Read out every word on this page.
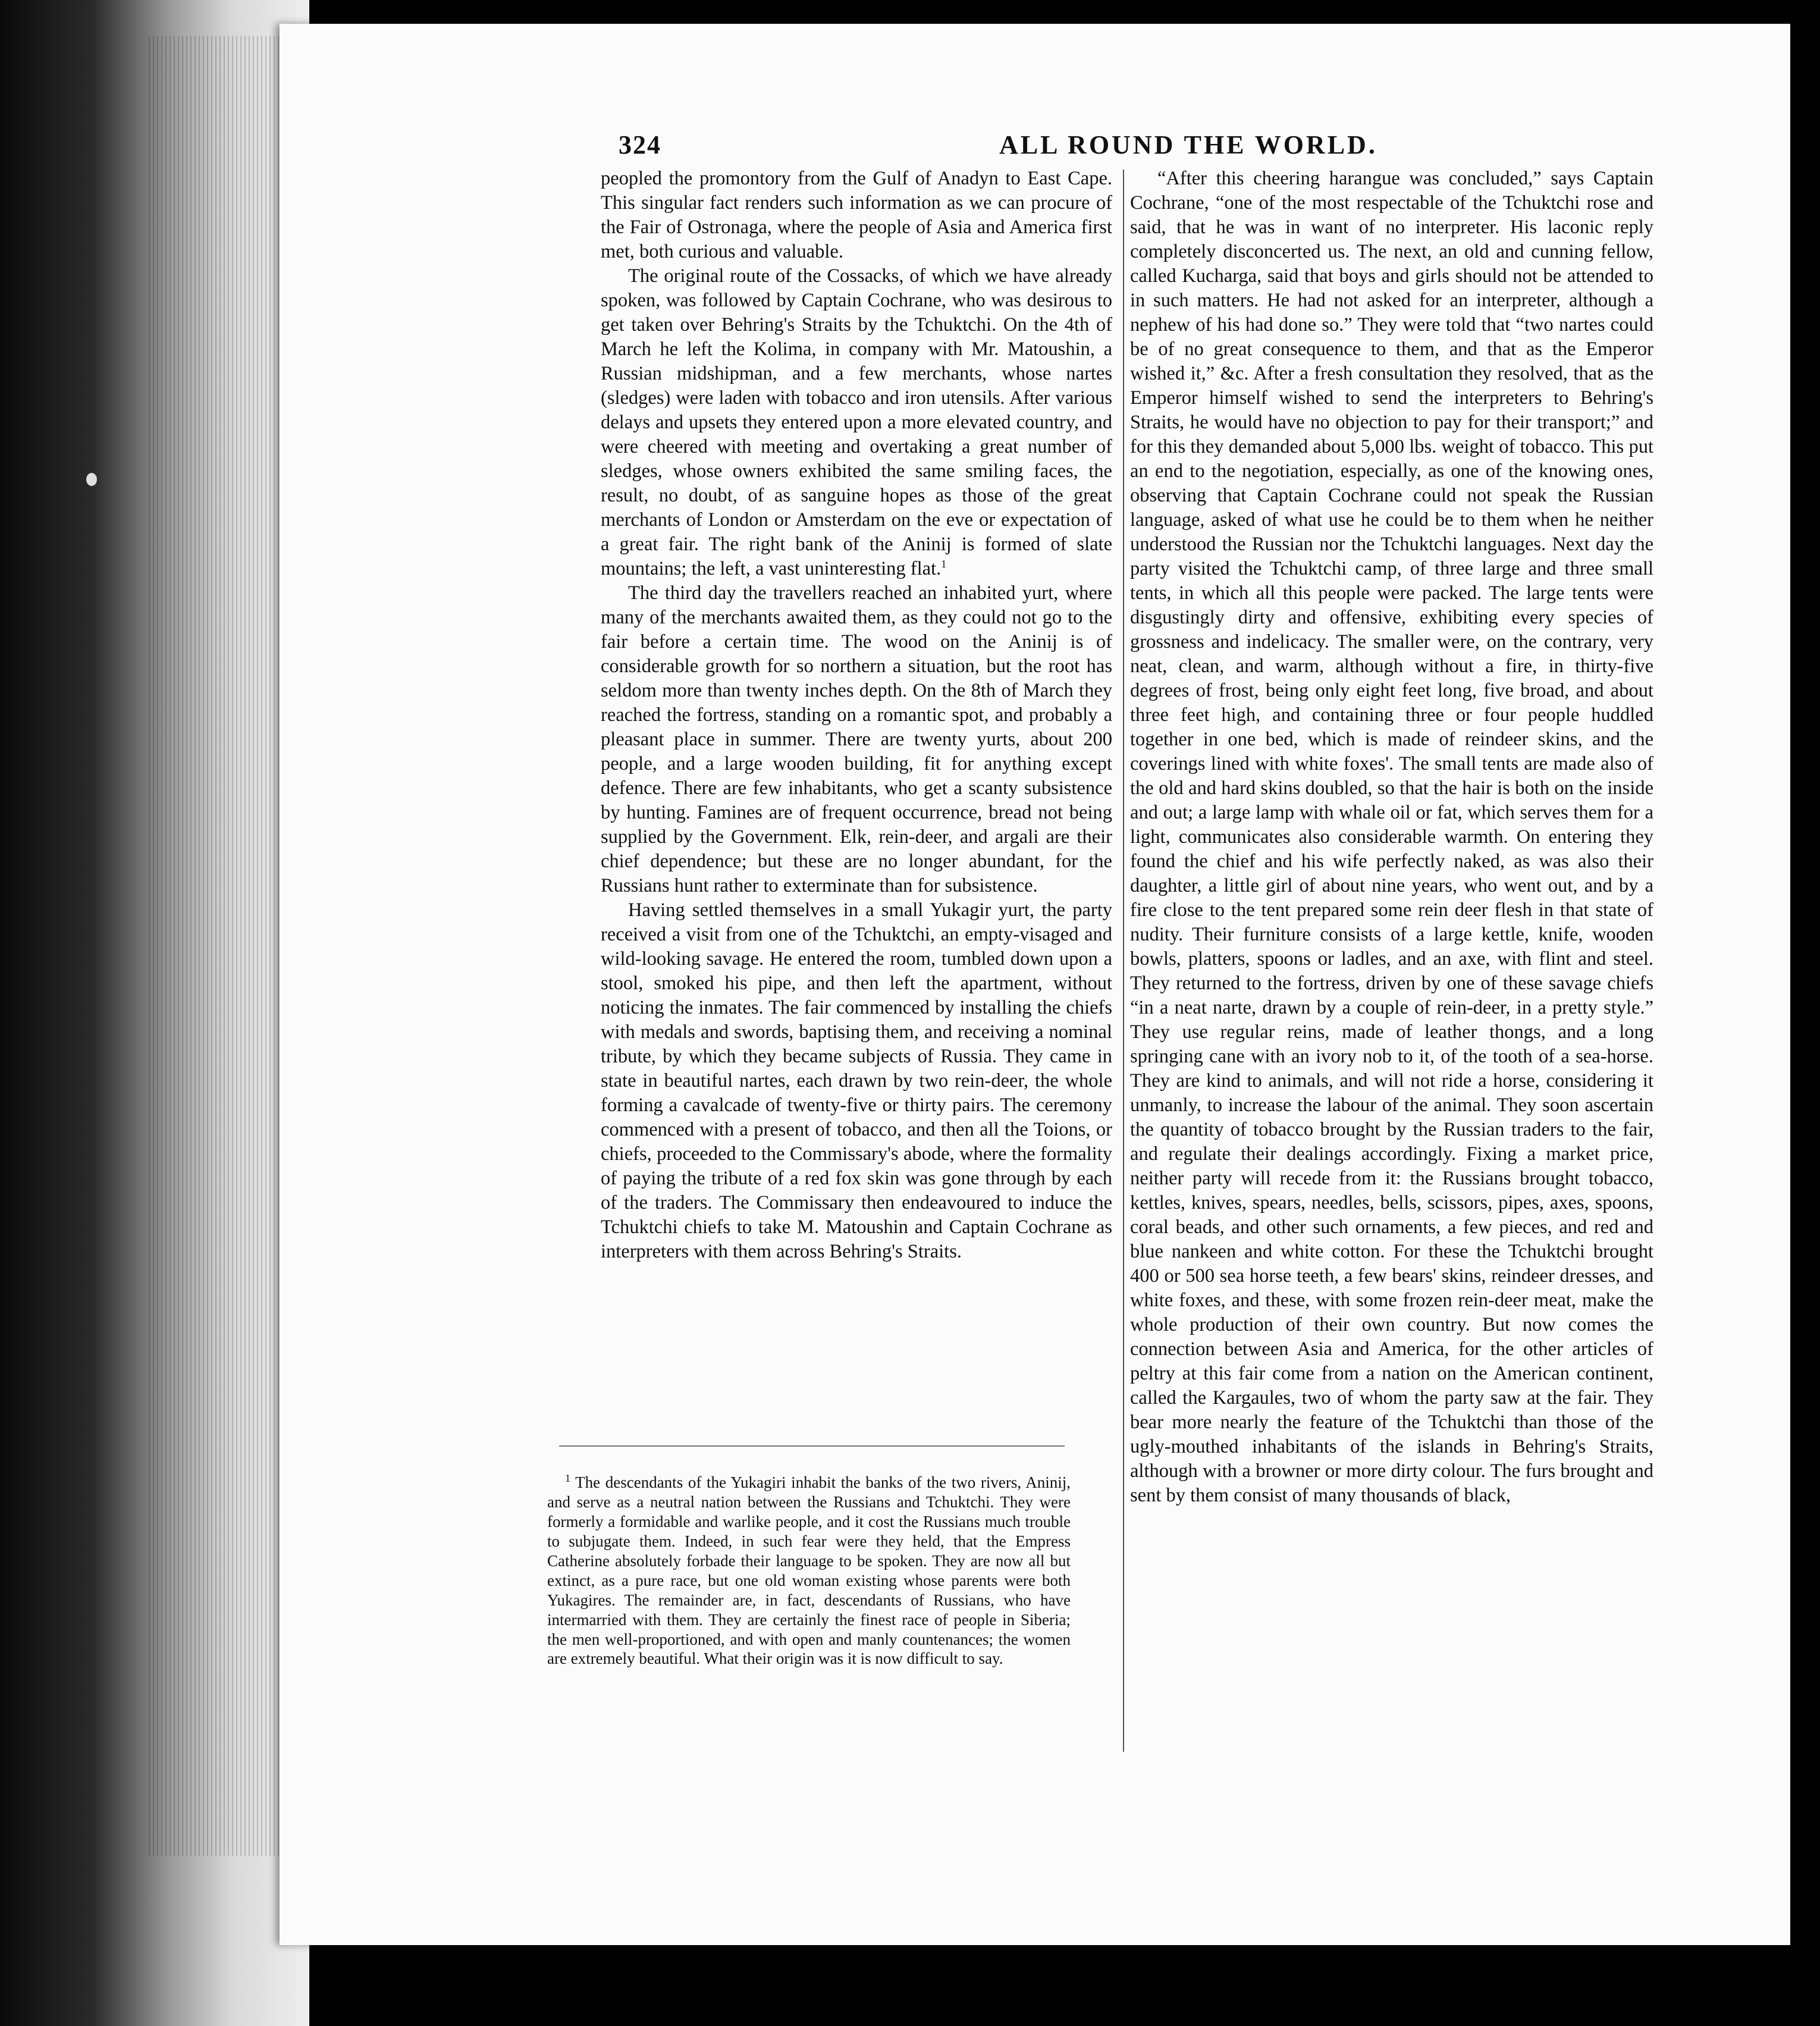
324	ALL ROUND THE WORLD.

peopled the promontory from the Gulf of Anadyn to East Cape. This singular fact renders such information as we can procure of the Fair of Ostronaga, where the people of Asia and America first met, both curious and valuable.

The original route of the Cossacks, of which we have already spoken, was followed by Captain Cochrane, who was desirous to get taken over Behring's Straits by the Tchuktchi. On the 4th of March he left the Kolima, in company with Mr. Matoushin, a Russian midshipman, and a few merchants, whose nartes (sledges) were laden with tobacco and iron utensils. After various delays and upsets they entered upon a more elevated country, and were cheered with meeting and overtaking a great number of sledges, whose owners exhibited the same smiling faces, the result, no doubt, of as sanguine hopes as those of the great merchants of London or Amsterdam on the eve or expectation of a great fair. The right bank of the Aninij is formed of slate mountains; the left, a vast uninteresting flat.$^1$

The third day the travellers reached an inhabited yurt, where many of the merchants awaited them, as they could not go to the fair before a certain time. The wood on the Aninij is of considerable growth for so northern a situation, but the root has seldom more than twenty inches depth. On the 8th of March they reached the fortress, standing on a romantic spot, and probably a pleasant place in summer. There are twenty yurts, about 200 people, and a large wooden building, fit for anything except defence. There are few inhabitants, who get a scanty subsistence by hunting. Famines are of frequent occurrence, bread not being supplied by the Government. Elk, rein-deer, and argali are their chief dependence; but these are no longer abundant, for the Russians hunt rather to exterminate than for subsistence.

Having settled themselves in a small Yukagir yurt, the party received a visit from one of the Tchuktchi, an empty-visaged and wild-looking savage. He entered the room, tumbled down upon a stool, smoked his pipe, and then left the apartment, without noticing the inmates. The fair commenced by installing the chiefs with medals and swords, baptising them, and receiving a nominal tribute, by which they became subjects of Russia. They came in state in beautiful nartes, each drawn by two rein-deer, the whole forming a cavalcade of twenty-five or thirty pairs. The ceremony commenced with a present of tobacco, and then all the Toions, or chiefs, proceeded to the Commissary's abode, where the formality of paying the tribute of a red fox skin was gone through by each of the traders. The Commissary then endeavoured to induce the Tchuktchi chiefs to take M. Matoushin and Captain Cochrane as interpreters with them across Behring's Straits.

“After this cheering harangue was concluded,” says Captain Cochrane, “one of the most respectable of the Tchuktchi rose and said, that he was in want of no interpreter. His laconic reply completely disconcerted us. The next, an old and cunning fellow, called Kucharga, said that boys and girls should not be attended to in such matters. He had not asked for an interpreter, although a nephew of his had done so.” They were told that “two nartes could be of no great consequence to them, and that as the Emperor wished it,” &c. After a fresh consultation they resolved, that as the Emperor himself wished to send the interpreters to Behring's Straits, he would have no objection to pay for their transport;” and for this they demanded about 5,000 lbs. weight of tobacco. This put an end to the negotiation, especially, as one of the knowing ones, observing that Captain Cochrane could not speak the Russian language, asked of what use he could be to them when he neither understood the Russian nor the Tchuktchi languages. Next day the party visited the Tchuktchi camp, of three large and three small tents, in which all this people were packed. The large tents were disgustingly dirty and offensive, exhibiting every species of grossness and indelicacy. The smaller were, on the contrary, very neat, clean, and warm, although without a fire, in thirty-five degrees of frost, being only eight feet long, five broad, and about three feet high, and containing three or four people huddled together in one bed, which is made of reindeer skins, and the coverings lined with white foxes'. The small tents are made also of the old and hard skins doubled, so that the hair is both on the inside and out; a large lamp with whale oil or fat, which serves them for a light, communicates also considerable warmth. On entering they found the chief and his wife perfectly naked, as was also their daughter, a little girl of about nine years, who went out, and by a fire close to the tent prepared some rein deer flesh in that state of nudity. Their furniture consists of a large kettle, knife, wooden bowls, platters, spoons or ladles, and an axe, with flint and steel. They returned to the fortress, driven by one of these savage chiefs “in a neat narte, drawn by a couple of rein-deer, in a pretty style.” They use regular reins, made of leather thongs, and a long springing cane with an ivory nob to it, of the tooth of a sea-horse. They are kind to animals, and will not ride a horse, considering it unmanly, to increase the labour of the animal. They soon ascertain the quantity of tobacco brought by the Russian traders to the fair, and regulate their dealings accordingly. Fixing a market price, neither party will recede from it: the Russians brought tobacco, kettles, knives, spears, needles, bells, scissors, pipes, axes, spoons, coral beads, and other such ornaments, a few pieces, and red and blue nankeen and white cotton. For these the Tchuktchi brought 400 or 500 sea horse teeth, a few bears' skins, reindeer dresses, and white foxes, and these, with some frozen rein-deer meat, make the whole production of their own country. But now comes the connection between Asia and America, for the other articles of peltry at this fair come from a nation on the American continent, called the Kargaules, two of whom the party saw at the fair. They bear more nearly the feature of the Tchuktchi than those of the ugly-mouthed inhabitants of the islands in Behring's Straits, although with a browner or more dirty colour. The furs brought and sent by them consist of many thousands of black,

$^1$ The descendants of the Yukagiri inhabit the banks of the two rivers, Aninij, and serve as a neutral nation between the Russians and Tchuktchi. They were formerly a formidable and warlike people, and it cost the Russians much trouble to subjugate them. Indeed, in such fear were they held, that the Empress Catherine absolutely forbade their language to be spoken. They are now all but extinct, as a pure race, but one old woman existing whose parents were both Yukagires. The remainder are, in fact, descendants of Russians, who have intermarried with them. They are certainly the finest race of people in Siberia; the men well-proportioned, and with open and manly countenances; the women are extremely beautiful. What their origin was it is now difficult to say.
